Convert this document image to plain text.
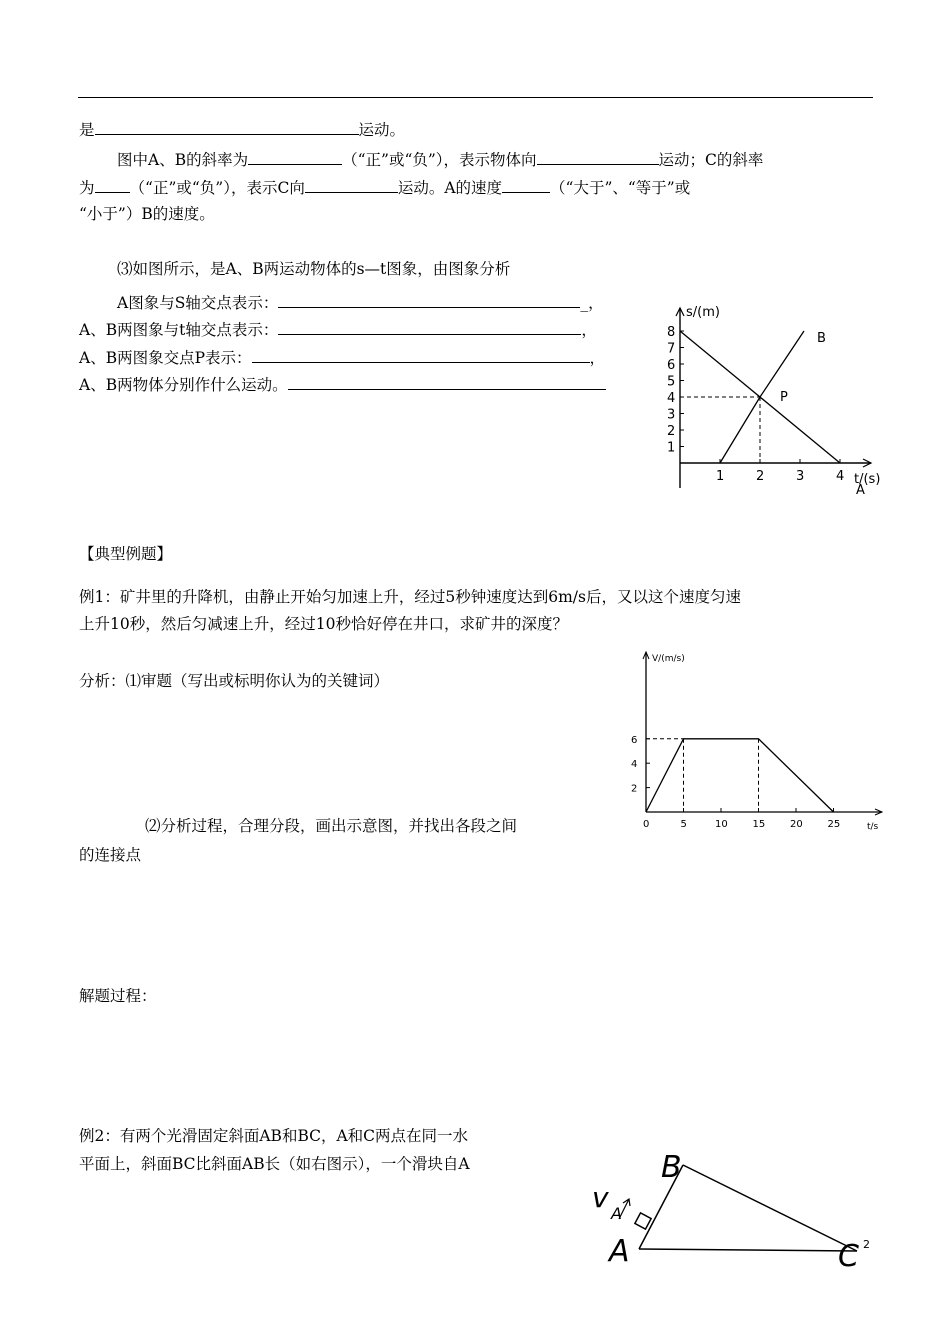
是	运动。
图中A、B的斜率为	（“正”或“负”），表示物体向	运动；C的斜率
为 （“正”或“负”），表示C向	运动。A的速度	（“大于”、“等于”或
“小于”）B的速度。
⑶如图所示，是A、B两运动物体的s—t图象，由图象分析
A图象与S轴交点表示：	_，
A、B两图象与t轴交点表示：	，
A、B两图象交点P表示：	，
A、B两物体分别作什么运动。
1
2
3
4
5
6
7
8
1 2 3 4
s/(m)
t/(s)
A
B
P
【典型例题】
例1：矿井里的升降机，由静止开始匀加速上升，经过5秒钟速度达到6m/s后，又以这个速度匀速
上升10秒，然后匀减速上升，经过10秒恰好停在井口，求矿井的深度？
分析：⑴审题（写出或标明你认为的关键词）
⑵分析过程，合理分段，画出示意图，并找出各段之间
的连接点
V/(m/s)
t/s
2
4
6
0	5	10 15 20 25
解题过程：
例2：有两个光滑固定斜面AB和BC，A和C两点在同一水
平面上，斜面BC比斜面AB长（如右图示），一个滑块自A	B
A	C 2
v A
